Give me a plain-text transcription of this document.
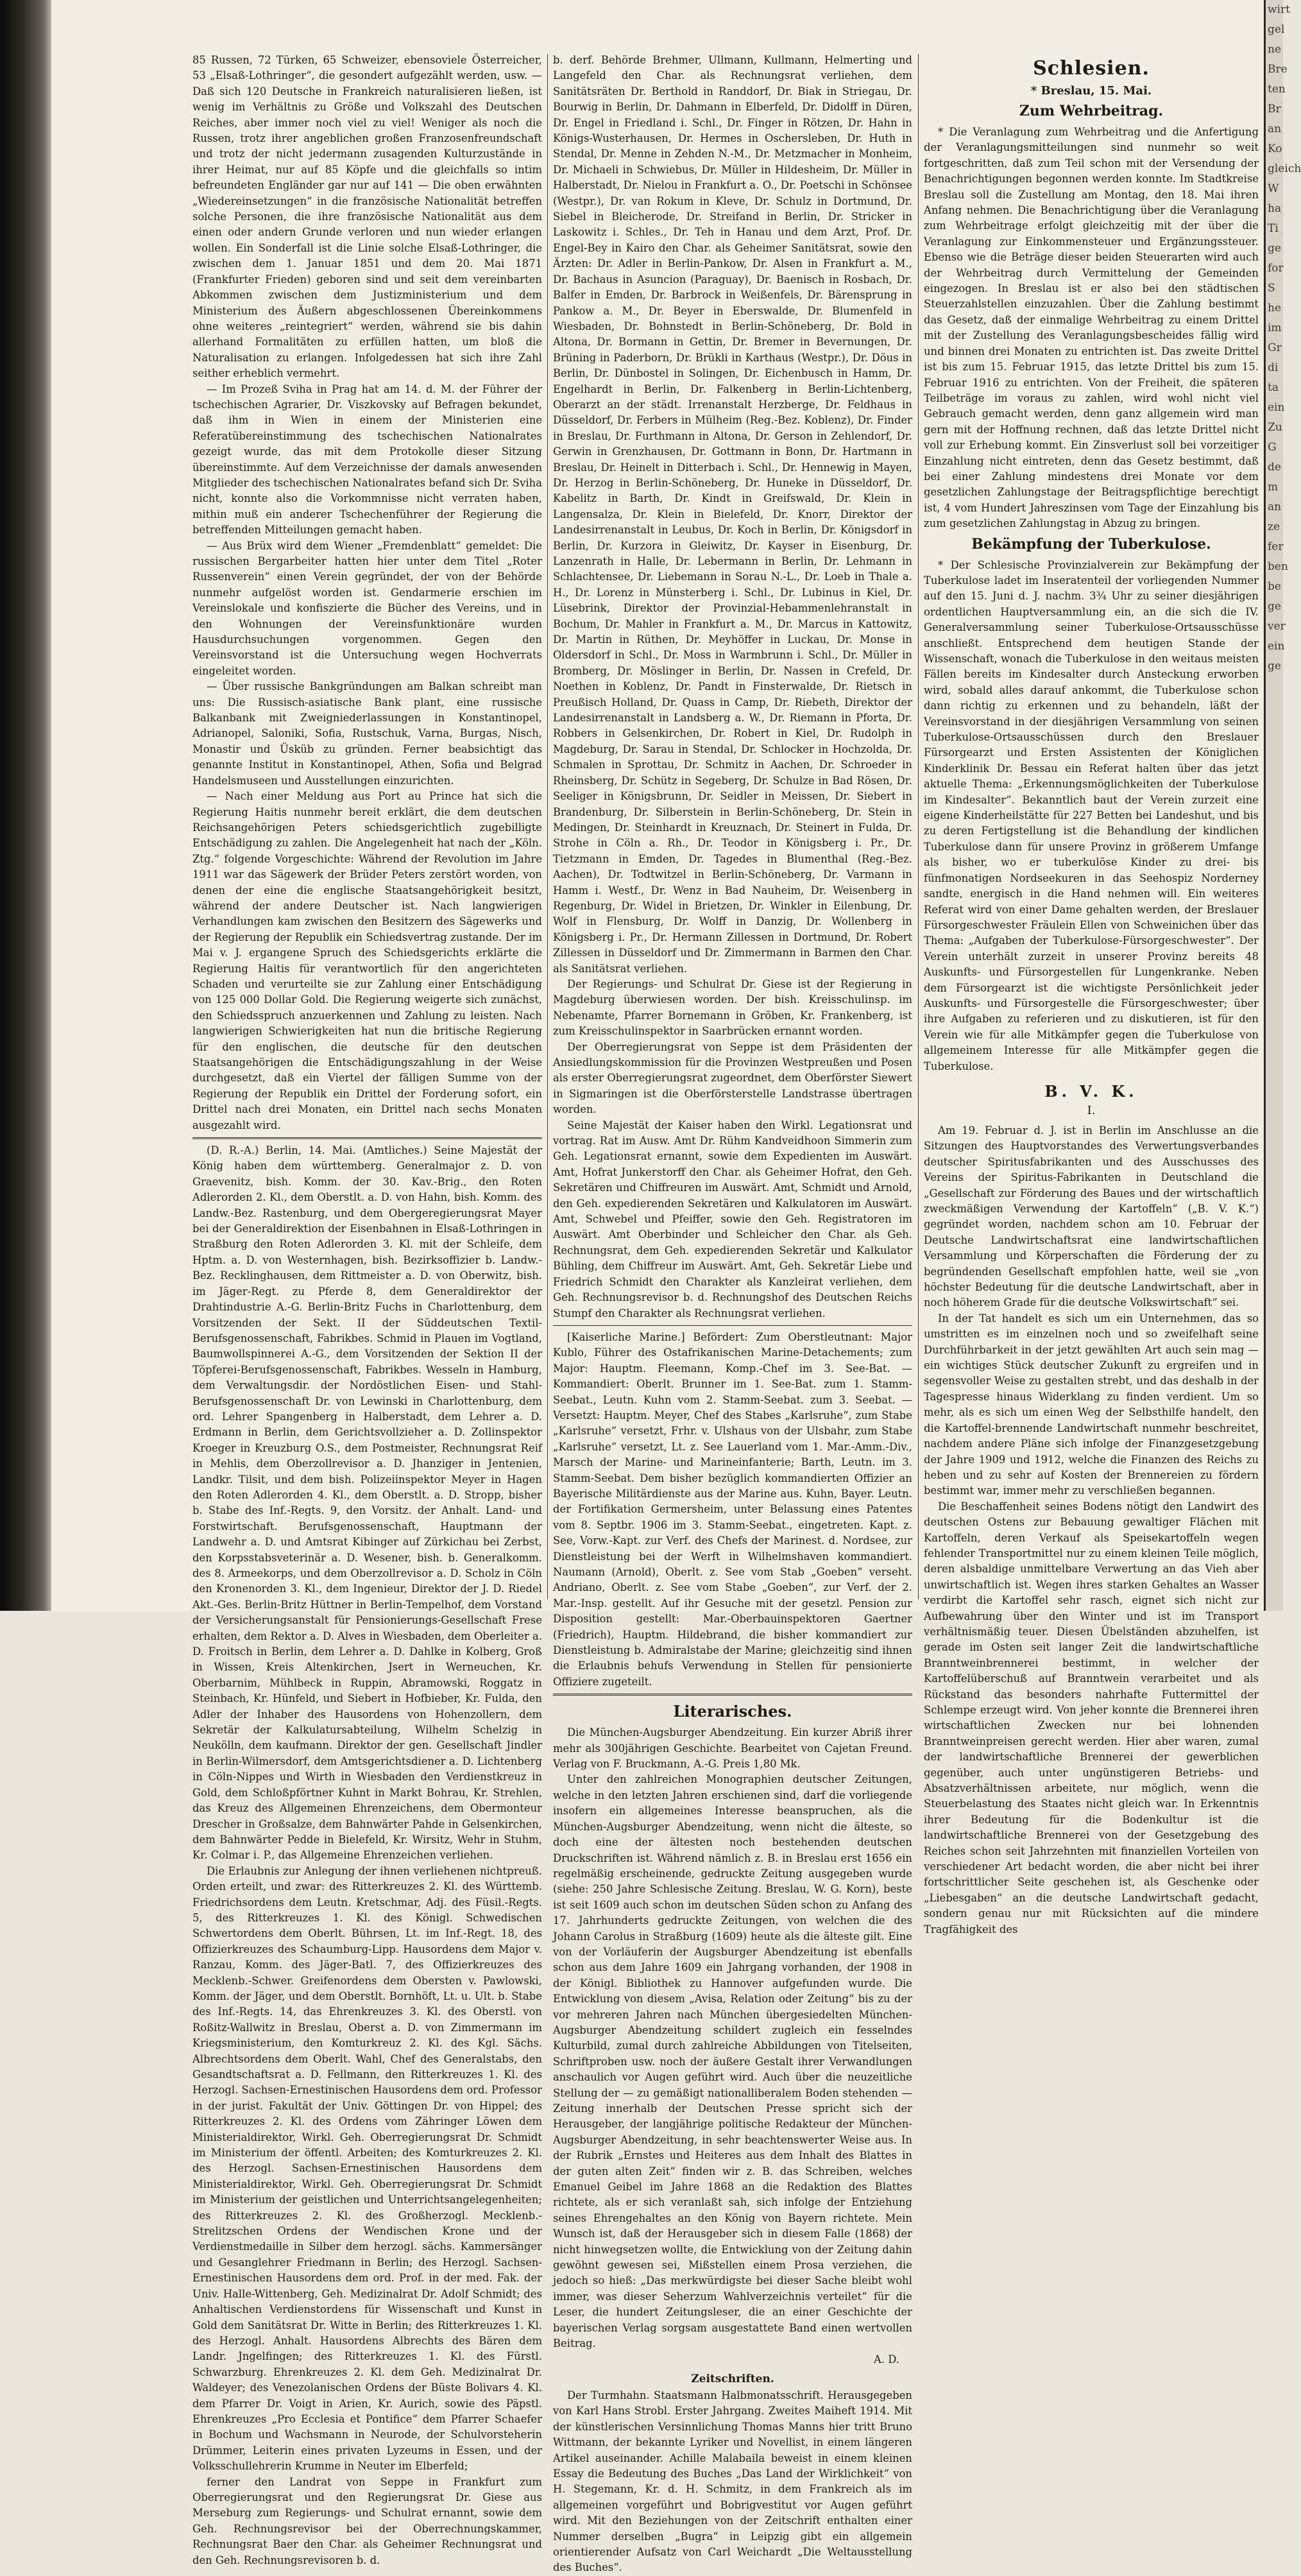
85 Russen, 72 Türken, 65 Schweizer, ebensoviele Österreicher, 53 „Elsaß-Lothringer“, die gesondert aufgezählt werden, usw. — Daß sich 120 Deutsche in Frankreich naturalisieren ließen, ist wenig im Verhältnis zu Größe und Volkszahl des Deutschen Reiches, aber immer noch viel zu viel! Weniger als noch die Russen, trotz ihrer angeblichen großen Franzosenfreundschaft und trotz der nicht jedermann zusagenden Kulturzustände in ihrer Heimat, nur auf 85 Köpfe und die gleichfalls so intim befreundeten Engländer gar nur auf 141 — Die oben erwähnten „Wiedereinsetzungen“ in die französische Nationalität betreffen solche Personen, die ihre französische Nationalität aus dem einen oder andern Grunde verloren und nun wieder erlangen wollen. Ein Sonderfall ist die Linie solche Elsaß-Lothringer, die zwischen dem 1. Januar 1851 und dem 20. Mai 1871 (Frankfurter Frieden) geboren sind und seit dem vereinbarten Abkommen zwischen dem Justizministerium und dem Ministerium des Äußern abgeschlossenen Übereinkommens ohne weiteres „reintegriert“ werden, während sie bis dahin allerhand Formalitäten zu erfüllen hatten, um bloß die Naturalisation zu erlangen. Infolgedessen hat sich ihre Zahl seither erheblich vermehrt.

— Im Prozeß Sviha in Prag hat am 14. d. M. der Führer der tschechischen Agrarier, Dr. Viszkovsky auf Befragen bekundet, daß ihm in Wien in einem der Ministerien eine Referatübereinstimmung des tschechischen Nationalrates gezeigt wurde, das mit dem Protokolle dieser Sitzung übereinstimmte. Auf dem Verzeichnisse der damals anwesenden Mitglieder des tschechischen Nationalrates befand sich Dr. Sviha nicht, konnte also die Vorkommnisse nicht verraten haben, mithin muß ein anderer Tschechenführer der Regierung die betreffenden Mitteilungen gemacht haben.

— Aus Brüx wird dem Wiener „Fremdenblatt“ gemeldet: Die russischen Bergarbeiter hatten hier unter dem Titel „Roter Russenverein“ einen Verein gegründet, der von der Behörde nunmehr aufgelöst worden ist. Gendarmerie erschien im Vereinslokale und konfiszierte die Bücher des Vereins, und in den Wohnungen der Vereinsfunktionäre wurden Hausdurchsuchungen vorgenommen. Gegen den Vereinsvorstand ist die Untersuchung wegen Hochverrats eingeleitet worden.

— Über russische Bankgründungen am Balkan schreibt man uns: Die Russisch-asiatische Bank plant, eine russische Balkanbank mit Zweigniederlassungen in Konstantinopel, Adrianopel, Saloniki, Sofia, Rustschuk, Varna, Burgas, Nisch, Monastir und Üsküb zu gründen. Ferner beabsichtigt das genannte Institut in Konstantinopel, Athen, Sofia und Belgrad Handelsmuseen und Ausstellungen einzurichten.

— Nach einer Meldung aus Port au Prince hat sich die Regierung Haitis nunmehr bereit erklärt, die dem deutschen Reichsangehörigen Peters schiedsgerichtlich zugebilligte Entschädigung zu zahlen. Die Angelegenheit hat nach der „Köln. Ztg.“ folgende Vorgeschichte: Während der Revolution im Jahre 1911 war das Sägewerk der Brüder Peters zerstört worden, von denen der eine die englische Staatsangehörigkeit besitzt, während der andere Deutscher ist. Nach langwierigen Verhandlungen kam zwischen den Besitzern des Sägewerks und der Regierung der Republik ein Schiedsvertrag zustande. Der im Mai v. J. ergangene Spruch des Schiedsgerichts erklärte die Regierung Haitis für verantwortlich für den angerichteten Schaden und verurteilte sie zur Zahlung einer Entschädigung von 125 000 Dollar Gold. Die Regierung weigerte sich zunächst, den Schiedsspruch anzuerkennen und Zahlung zu leisten. Nach langwierigen Schwierigkeiten hat nun die britische Regierung für den englischen, die deutsche für den deutschen Staatsangehörigen die Entschädigungszahlung in der Weise durchgesetzt, daß ein Viertel der fälligen Summe von der Regierung der Republik ein Drittel der Forderung sofort, ein Drittel nach drei Monaten, ein Drittel nach sechs Monaten ausgezahlt wird.

(D. R.-A.) Berlin, 14. Mai. (Amtliches.) Seine Majestät der König haben dem württemberg. Generalmajor z. D. von Graevenitz, bish. Komm. der 30. Kav.-Brig., den Roten Adlerorden 2. Kl., dem Oberstlt. a. D. von Hahn, bish. Komm. des Landw.-Bez. Rastenburg, und dem Obergeregierungsrat Mayer bei der Generaldirektion der Eisenbahnen in Elsaß-Lothringen in Straßburg den Roten Adlerorden 3. Kl. mit der Schleife, dem Hptm. a. D. von Westernhagen, bish. Bezirksoffizier b. Landw.-Bez. Recklinghausen, dem Rittmeister a. D. von Oberwitz, bish. im Jäger-Regt. zu Pferde 8, dem Generaldirektor der Drahtindustrie A.-G. Berlin-Britz Fuchs in Charlottenburg, dem Vorsitzenden der Sekt. II der Süddeutschen Textil-Berufsgenossenschaft, Fabrikbes. Schmid in Plauen im Vogtland, Baumwollspinnerei A.-G., dem Vorsitzenden der Sektion II der Töpferei-Berufsgenossenschaft, Fabrikbes. Wesseln in Hamburg, dem Verwaltungsdir. der Nordöstlichen Eisen- und Stahl-Berufsgenossenschaft Dr. von Lewinski in Charlottenburg, dem ord. Lehrer Spangenberg in Halberstadt, dem Lehrer a. D. Erdmann in Berlin, dem Gerichtsvollzieher a. D. Zollinspektor Kroeger in Kreuzburg O.S., dem Postmeister, Rechnungsrat Reif in Mehlis, dem Oberzollrevisor a. D. Jhanziger in Jentenien, Landkr. Tilsit, und dem bish. Polizeiinspektor Meyer in Hagen den Roten Adlerorden 4. Kl., dem Oberstlt. a. D. Stropp, bisher b. Stabe des Inf.-Regts. 9, den Vorsitz. der Anhalt. Land- und Forstwirtschaft. Berufsgenossenschaft, Hauptmann der Landwehr a. D. und Amtsrat Kibinger auf Zürkichau bei Zerbst, den Korpsstabsveterinär a. D. Wesener, bish. b. Generalkomm. des 8. Armeekorps, und dem Oberzollrevisor a. D. Scholz in Cöln den Kronenorden 3. Kl., dem Ingenieur, Direktor der J. D. Riedel Akt.-Ges. Berlin-Britz Hüttner in Berlin-Tempelhof, dem Vorstand der Versicherungsanstalt für Pensionierungs-Gesellschaft Frese erhalten, dem Rektor a. D. Alves in Wiesbaden, dem Oberleiter a. D. Froitsch in Berlin, dem Lehrer a. D. Dahlke in Kolberg, Groß in Wissen, Kreis Altenkirchen, Jsert in Werneuchen, Kr. Oberbarnim, Mühlbeck in Ruppin, Abramowski, Roggatz in Steinbach, Kr. Hünfeld, und Siebert in Hofbieber, Kr. Fulda, den Adler der Inhaber des Hausordens von Hohenzollern, dem Sekretär der Kalkulatursabteilung, Wilhelm Schelzig in Neukölln, dem kaufmann. Direktor der gen. Gesellschaft Jindler in Berlin-Wilmersdorf, dem Amtsgerichtsdiener a. D. Lichtenberg in Cöln-Nippes und Wirth in Wiesbaden den Verdienstkreuz in Gold, dem Schloßpförtner Kuhnt in Markt Bohrau, Kr. Strehlen, das Kreuz des Allgemeinen Ehrenzeichens, dem Obermonteur Drescher in Großsalze, dem Bahnwärter Pahde in Gelsenkirchen, dem Bahnwärter Pedde in Bielefeld, Kr. Wirsitz, Wehr in Stuhm, Kr. Colmar i. P., das Allgemeine Ehrenzeichen verliehen.

Die Erlaubnis zur Anlegung der ihnen verliehenen nichtpreuß. Orden erteilt, und zwar: des Ritterkreuzes 2. Kl. des Württemb. Friedrichsordens dem Leutn. Kretschmar, Adj. des Füsil.-Regts. 5, des Ritterkreuzes 1. Kl. des Königl. Schwedischen Schwertordens dem Oberlt. Bührsen, Lt. im Inf.-Regt. 18, des Offizierkreuzes des Schaumburg-Lipp. Hausordens dem Major v. Ranzau, Komm. des Jäger-Batl. 7, des Offizierkreuzes des Mecklenb.-Schwer. Greifenordens dem Obersten v. Pawlowski, Komm. der Jäger, und dem Oberstlt. Bornhöft, Lt. u. Ult. b. Stabe des Inf.-Regts. 14, das Ehrenkreuzes 3. Kl. des Oberstl. von Roßitz-Wallwitz in Breslau, Oberst a. D. von Zimmermann im Kriegsministerium, den Komturkreuz 2. Kl. des Kgl. Sächs. Albrechtsordens dem Oberlt. Wahl, Chef des Generalstabs, den Gesandtschaftsrat a. D. Fellmann, den Ritterkreuzes 1. Kl. des Herzogl. Sachsen-Ernestinischen Hausordens dem ord. Professor in der jurist. Fakultät der Univ. Göttingen Dr. von Hippel; des Ritterkreuzes 2. Kl. des Ordens vom Zähringer Löwen dem Ministerialdirektor, Wirkl. Geh. Oberregierungsrat Dr. Schmidt im Ministerium der öffentl. Arbeiten; des Komturkreuzes 2. Kl. des Herzogl. Sachsen-Ernestinischen Hausordens dem Ministerialdirektor, Wirkl. Geh. Oberregierungsrat Dr. Schmidt im Ministerium der geistlichen und Unterrichtsangelegenheiten; des Ritterkreuzes 2. Kl. des Großherzogl. Mecklenb.-Strelitzschen Ordens der Wendischen Krone und der Verdienstmedaille in Silber dem herzogl. sächs. Kammersänger und Gesanglehrer Friedmann in Berlin; des Herzogl. Sachsen-Ernestinischen Hausordens dem ord. Prof. in der med. Fak. der Univ. Halle-Wittenberg, Geh. Medizinalrat Dr. Adolf Schmidt; des Anhaltischen Verdienstordens für Wissenschaft und Kunst in Gold dem Sanitätsrat Dr. Witte in Berlin; des Ritterkreuzes 1. Kl. des Herzogl. Anhalt. Hausordens Albrechts des Bären dem Landr. Jngelfingen; des Ritterkreuzes 1. Kl. des Fürstl. Schwarzburg. Ehrenkreuzes 2. Kl. dem Geh. Medizinalrat Dr. Waldeyer; des Venezolanischen Ordens der Büste Bolivars 4. Kl. dem Pfarrer Dr. Voigt in Arien, Kr. Aurich, sowie des Päpstl. Ehrenkreuzes „Pro Ecclesia et Pontifice“ dem Pfarrer Schaefer in Bochum und Wachsmann in Neurode, der Schulvorsteherin Drümmer, Leiterin eines privaten Lyzeums in Essen, und der Volksschullehrerin Krumme in Neuter im Elberfeld;

ferner den Landrat von Seppe in Frankfurt zum Oberregierungsrat und den Regierungsrat Dr. Giese aus Merseburg zum Regierungs- und Schulrat ernannt, sowie dem Geh. Rechnungsrevisor bei der Oberrechnungskammer, Rechnungsrat Baer den Char. als Geheimer Rechnungsrat und den Geh. Rechnungsrevisoren b. d.

b. derf. Behörde Brehmer, Ullmann, Kullmann, Helmerting und Langefeld den Char. als Rechnungsrat verliehen, dem Sanitätsräten Dr. Berthold in Randdorf, Dr. Biak in Striegau, Dr. Bourwig in Berlin, Dr. Dahmann in Elberfeld, Dr. Didolff in Düren, Dr. Engel in Friedland i. Schl., Dr. Finger in Rötzen, Dr. Hahn in Königs-Wusterhausen, Dr. Hermes in Oschersleben, Dr. Huth in Stendal, Dr. Menne in Zehden N.-M., Dr. Metzmacher in Monheim, Dr. Michaeli in Schwiebus, Dr. Müller in Hildesheim, Dr. Müller in Halberstadt, Dr. Nielou in Frankfurt a. O., Dr. Poetschi in Schönsee (Westpr.), Dr. van Rokum in Kleve, Dr. Schulz in Dortmund, Dr. Siebel in Bleicherode, Dr. Streifand in Berlin, Dr. Stricker in Laskowitz i. Schles., Dr. Teh in Hanau und dem Arzt, Prof. Dr. Engel-Bey in Kairo den Char. als Geheimer Sanitätsrat, sowie den Ärzten: Dr. Adler in Berlin-Pankow, Dr. Alsen in Frankfurt a. M., Dr. Bachaus in Asuncion (Paraguay), Dr. Baenisch in Rosbach, Dr. Balfer in Emden, Dr. Barbrock in Weißenfels, Dr. Bärensprung in Pankow a. M., Dr. Beyer in Eberswalde, Dr. Blumenfeld in Wiesbaden, Dr. Bohnstedt in Berlin-Schöneberg, Dr. Bold in Altona, Dr. Bormann in Gettin, Dr. Bremer in Bevernungen, Dr. Brüning in Paderborn, Dr. Brükli in Karthaus (Westpr.), Dr. Döus in Berlin, Dr. Dünbostel in Solingen, Dr. Eichenbusch in Hamm, Dr. Engelhardt in Berlin, Dr. Falkenberg in Berlin-Lichtenberg, Oberarzt an der städt. Irrenanstalt Herzberge, Dr. Feldhaus in Düsseldorf, Dr. Ferbers in Mülheim (Reg.-Bez. Koblenz), Dr. Finder in Breslau, Dr. Furthmann in Altona, Dr. Gerson in Zehlendorf, Dr. Gerwin in Grenzhausen, Dr. Gottmann in Bonn, Dr. Hartmann in Breslau, Dr. Heinelt in Ditterbach i. Schl., Dr. Hennewig in Mayen, Dr. Herzog in Berlin-Schöneberg, Dr. Huneke in Düsseldorf, Dr. Kabelitz in Barth, Dr. Kindt in Greifswald, Dr. Klein in Langensalza, Dr. Klein in Bielefeld, Dr. Knorr, Direktor der Landesirrenanstalt in Leubus, Dr. Koch in Berlin, Dr. Königsdorf in Berlin, Dr. Kurzora in Gleiwitz, Dr. Kayser in Eisenburg, Dr. Lanzenrath in Halle, Dr. Lebermann in Berlin, Dr. Lehmann in Schlachtensee, Dr. Liebemann in Sorau N.-L., Dr. Loeb in Thale a. H., Dr. Lorenz in Münsterberg i. Schl., Dr. Lubinus in Kiel, Dr. Lüsebrink, Direktor der Provinzial-Hebammenlehranstalt in Bochum, Dr. Mahler in Frankfurt a. M., Dr. Marcus in Kattowitz, Dr. Martin in Rüthen, Dr. Meyhöffer in Luckau, Dr. Monse in Oldersdorf in Schl., Dr. Moss in Warmbrunn i. Schl., Dr. Müller in Bromberg, Dr. Möslinger in Berlin, Dr. Nassen in Crefeld, Dr. Noethen in Koblenz, Dr. Pandt in Finsterwalde, Dr. Rietsch in Preußisch Holland, Dr. Quass in Camp, Dr. Riebeth, Direktor der Landesirrenanstalt in Landsberg a. W., Dr. Riemann in Pforta, Dr. Robbers in Gelsenkirchen, Dr. Robert in Kiel, Dr. Rudolph in Magdeburg, Dr. Sarau in Stendal, Dr. Schlocker in Hochzolda, Dr. Schmalen in Sprottau, Dr. Schmitz in Aachen, Dr. Schroeder in Rheinsberg, Dr. Schütz in Segeberg, Dr. Schulze in Bad Rösen, Dr. Seeliger in Königsbrunn, Dr. Seidler in Meissen, Dr. Siebert in Brandenburg, Dr. Silberstein in Berlin-Schöneberg, Dr. Stein in Medingen, Dr. Steinhardt in Kreuznach, Dr. Steinert in Fulda, Dr. Strohe in Cöln a. Rh., Dr. Teodor in Königsberg i. Pr., Dr. Tietzmann in Emden, Dr. Tagedes in Blumenthal (Reg.-Bez. Aachen), Dr. Todtwitzel in Berlin-Schöneberg, Dr. Varmann in Hamm i. Westf., Dr. Wenz in Bad Nauheim, Dr. Weisenberg in Regenburg, Dr. Widel in Brietzen, Dr. Winkler in Eilenbung, Dr. Wolf in Flensburg, Dr. Wolff in Danzig, Dr. Wollenberg in Königsberg i. Pr., Dr. Hermann Zillessen in Dortmund, Dr. Robert Zillessen in Düsseldorf und Dr. Zimmermann in Barmen den Char. als Sanitätsrat verliehen.

Der Regierungs- und Schulrat Dr. Giese ist der Regierung in Magdeburg überwiesen worden. Der bish. Kreisschulinsp. im Nebenamte, Pfarrer Bornemann in Gröben, Kr. Frankenberg, ist zum Kreisschulinspektor in Saarbrücken ernannt worden.

Der Oberregierungsrat von Seppe ist dem Präsidenten der Ansiedlungskommission für die Provinzen Westpreußen und Posen als erster Oberregierungsrat zugeordnet, dem Oberförster Siewert in Sigmaringen ist die Oberförsterstelle Landstrasse übertragen worden.

Seine Majestät der Kaiser haben den Wirkl. Legationsrat und vortrag. Rat im Ausw. Amt Dr. Rühm Kandveidhoon Simmerin zum Geh. Legationsrat ernannt, sowie dem Expedienten im Auswärt. Amt, Hofrat Junkerstorff den Char. als Geheimer Hofrat, den Geh. Sekretären und Chiffreuren im Auswärt. Amt, Schmidt und Arnold, den Geh. expedierenden Sekretären und Kalkulatoren im Auswärt. Amt, Schwebel und Pfeiffer, sowie den Geh. Registratoren im Auswärt. Amt Oberbinder und Schleicher den Char. als Geh. Rechnungsrat, dem Geh. expedierenden Sekretär und Kalkulator Bühling, dem Chiffreur im Auswärt. Amt, Geh. Sekretär Liebe und Friedrich Schmidt den Charakter als Kanzleirat verliehen, dem Geh. Rechnungsrevisor b. d. Rechnungshof des Deutschen Reichs Stumpf den Charakter als Rechnungsrat verliehen.

[Kaiserliche Marine.] Befördert: Zum Oberstleutnant: Major Kublo, Führer des Ostafrikanischen Marine-Detachements; zum Major: Hauptm. Fleemann, Komp.-Chef im 3. See-Bat. — Kommandiert: Oberlt. Brunner im 1. See-Bat. zum 1. Stamm-Seebat., Leutn. Kuhn vom 2. Stamm-Seebat. zum 3. Seebat. — Versetzt: Hauptm. Meyer, Chef des Stabes „Karlsruhe“, zum Stabe „Karlsruhe“ versetzt, Frhr. v. Ulshaus von der Ulsbahr, zum Stabe „Karlsruhe“ versetzt, Lt. z. See Lauerland vom 1. Mar.-Amm.-Div., Marsch der Marine- und Marineinfanterie; Barth, Leutn. im 3. Stamm-Seebat. Dem bisher bezüglich kommandierten Offizier an Bayerische Militärdienste aus der Marine aus. Kuhn, Bayer. Leutn. der Fortifikation Germersheim, unter Belassung eines Patentes vom 8. Septbr. 1906 im 3. Stamm-Seebat., eingetreten. Kapt. z. See, Vorw.-Kapt. zur Verf. des Chefs der Marinest. d. Nordsee, zur Dienstleistung bei der Werft in Wilhelmshaven kommandiert. Naumann (Arnold), Oberlt. z. See vom Stab „Goeben“ verseht. Andriano, Oberlt. z. See vom Stabe „Goeben“, zur Verf. der 2. Mar.-Insp. gestellt. Auf ihr Gesuche mit der gesetzl. Pension zur Disposition gestellt: Mar.-Oberbauinspektoren Gaertner (Friedrich), Hauptm. Hildebrand, die bisher kommandiert zur Dienstleistung b. Admiralstabe der Marine; gleichzeitig sind ihnen die Erlaubnis behufs Verwendung in Stellen für pensionierte Offiziere zugeteilt.

Literarisches.

Die München-Augsburger Abendzeitung. Ein kurzer Abriß ihrer mehr als 300jährigen Geschichte. Bearbeitet von Cajetan Freund. Verlag von F. Bruckmann, A.-G. Preis 1,80 Mk.

Unter den zahlreichen Monographien deutscher Zeitungen, welche in den letzten Jahren erschienen sind, darf die vorliegende insofern ein allgemeines Interesse beanspruchen, als die München-Augsburger Abendzeitung, wenn nicht die älteste, so doch eine der ältesten noch bestehenden deutschen Druckschriften ist. Während nämlich z. B. in Breslau erst 1656 ein regelmäßig erscheinende, gedruckte Zeitung ausgegeben wurde (siehe: 250 Jahre Schlesische Zeitung. Breslau, W. G. Korn), beste ist seit 1609 auch schon im deutschen Süden schon zu Anfang des 17. Jahrhunderts gedruckte Zeitungen, von welchen die des Johann Carolus in Straßburg (1609) heute als die älteste gilt. Eine von der Vorläuferin der Augsburger Abendzeitung ist ebenfalls schon aus dem Jahre 1609 ein Jahrgang vorhanden, der 1908 in der Königl. Bibliothek zu Hannover aufgefunden wurde. Die Entwicklung von diesem „Avisa, Relation oder Zeitung“ bis zu der vor mehreren Jahren nach München übergesiedelten München-Augsburger Abendzeitung schildert zugleich ein fesselndes Kulturbild, zumal durch zahlreiche Abbildungen von Titelseiten, Schriftproben usw. noch der äußere Gestalt ihrer Verwandlungen anschaulich vor Augen geführt wird. Auch über die neuzeitliche Stellung der — zu gemäßigt nationalliberalem Boden stehenden — Zeitung innerhalb der Deutschen Presse spricht sich der Herausgeber, der langjährige politische Redakteur der München-Augsburger Abendzeitung, in sehr beachtenswerter Weise aus. In der Rubrik „Ernstes und Heiteres aus dem Inhalt des Blattes in der guten alten Zeit“ finden wir z. B. das Schreiben, welches Emanuel Geibel im Jahre 1868 an die Redaktion des Blattes richtete, als er sich veranlaßt sah, sich infolge der Entziehung seines Ehrengehaltes an den König von Bayern richtete. Mein Wunsch ist, daß der Herausgeber sich in diesem Falle (1868) der nicht hinwegsetzen wollte, die Entwicklung von der Zeitung dahin gewöhnt gewesen sei, Mißstellen einem Prosa verziehen, die jedoch so hieß: „Das merkwürdigste bei dieser Sache bleibt wohl immer, was dieser Seherzum Wahlverzeichnis verteilet“ für die Leser, die hundert Zeitungsleser, die an einer Geschichte der bayerischen Verlag sorgsam ausgestattete Band einen wertvollen Beitrag.

A. D.
Zeitschriften.

Der Turmhahn. Staatsmann Halbmonatsschrift. Herausgegeben von Karl Hans Strobl. Erster Jahrgang. Zweites Maiheft 1914. Mit der künstlerischen Versinnlichung Thomas Manns hier tritt Bruno Wittmann, der bekannte Lyriker und Novellist, in einem längeren Artikel auseinander. Achille Malabaila beweist in einem kleinen Essay die Bedeutung des Buches „Das Land der Wirklichkeit“ von H. Stegemann, Kr. d. H. Schmitz, in dem Frankreich als im allgemeinen vorgeführt und Bobrigvestitut vor Augen geführt wird. Mit den Beziehungen von der Zeitschrift enthalten einer Nummer derselben „Bugra“ in Leipzig gibt ein allgemein orientierender Aufsatz von Carl Weichardt „Die Weltausstellung des Buches“.

Schlesien.
* Breslau, 15. Mai.
Zum Wehrbeitrag.

* Die Veranlagung zum Wehrbeitrag und die Anfertigung der Veranlagungsmitteilungen sind nunmehr so weit fortgeschritten, daß zum Teil schon mit der Versendung der Benachrichtigungen begonnen werden konnte. Im Stadtkreise Breslau soll die Zustellung am Montag, den 18. Mai ihren Anfang nehmen. Die Benachrichtigung über die Veranlagung zum Wehrbeitrage erfolgt gleichzeitig mit der über die Veranlagung zur Einkommensteuer und Ergänzungssteuer. Ebenso wie die Beträge dieser beiden Steuerarten wird auch der Wehrbeitrag durch Vermittelung der Gemeinden eingezogen. In Breslau ist er also bei den städtischen Steuerzahlstellen einzuzahlen. Über die Zahlung bestimmt das Gesetz, daß der einmalige Wehrbeitrag zu einem Drittel mit der Zustellung des Veranlagungsbescheides fällig wird und binnen drei Monaten zu entrichten ist. Das zweite Drittel ist bis zum 15. Februar 1915, das letzte Drittel bis zum 15. Februar 1916 zu entrichten. Von der Freiheit, die späteren Teilbeträge im voraus zu zahlen, wird wohl nicht viel Gebrauch gemacht werden, denn ganz allgemein wird man gern mit der Hoffnung rechnen, daß das letzte Drittel nicht voll zur Erhebung kommt. Ein Zinsverlust soll bei vorzeitiger Einzahlung nicht eintreten, denn das Gesetz bestimmt, daß bei einer Zahlung mindestens drei Monate vor dem gesetzlichen Zahlungstage der Beitragspflichtige berechtigt ist, 4 vom Hundert Jahreszinsen vom Tage der Einzahlung bis zum gesetzlichen Zahlungstag in Abzug zu bringen.

Bekämpfung der Tuberkulose.

* Der Schlesische Provinzialverein zur Bekämpfung der Tuberkulose ladet im Inseratenteil der vorliegenden Nummer auf den 15. Juni d. J. nachm. 3¾ Uhr zu seiner diesjährigen ordentlichen Hauptversammlung ein, an die sich die IV. Generalversammlung seiner Tuberkulose-Ortsausschüsse anschließt. Entsprechend dem heutigen Stande der Wissenschaft, wonach die Tuberkulose in den weitaus meisten Fällen bereits im Kindesalter durch Ansteckung erworben wird, sobald alles darauf ankommt, die Tuberkulose schon dann richtig zu erkennen und zu behandeln, läßt der Vereinsvorstand in der diesjährigen Versammlung von seinen Tuberkulose-Ortsausschüssen durch den Breslauer Fürsorgearzt und Ersten Assistenten der Königlichen Kinderklinik Dr. Bessau ein Referat halten über das jetzt aktuelle Thema: „Erkennungsmöglichkeiten der Tuberkulose im Kindesalter“. Bekanntlich baut der Verein zurzeit eine eigene Kinderheilstätte für 227 Betten bei Landeshut, und bis zu deren Fertigstellung ist die Behandlung der kindlichen Tuberkulose dann für unsere Provinz in größerem Umfange als bisher, wo er tuberkulöse Kinder zu drei- bis fünfmonatigen Nordseekuren in das Seehospiz Norderney sandte, energisch in die Hand nehmen will. Ein weiteres Referat wird von einer Dame gehalten werden, der Breslauer Fürsorgeschwester Fräulein Ellen von Schweinichen über das Thema: „Aufgaben der Tuberkulose-Fürsorgeschwester“. Der Verein unterhält zurzeit in unserer Provinz bereits 48 Auskunfts- und Fürsorgestellen für Lungenkranke. Neben dem Fürsorgearzt ist die wichtigste Persönlichkeit jeder Auskunfts- und Fürsorgestelle die Fürsorgeschwester; über ihre Aufgaben zu referieren und zu diskutieren, ist für den Verein wie für alle Mitkämpfer gegen die Tuberkulose von allgemeinem Interesse für alle Mitkämpfer gegen die Tuberkulose.

B. V. K.
I.

Am 19. Februar d. J. ist in Berlin im Anschlusse an die Sitzungen des Hauptvorstandes des Verwertungsverbandes deutscher Spiritusfabrikanten und des Ausschusses des Vereins der Spiritus-Fabrikanten in Deutschland die „Gesellschaft zur Förderung des Baues und der wirtschaftlich zweckmäßigen Verwendung der Kartoffeln“ („B. V. K.“) gegründet worden, nachdem schon am 10. Februar der Deutsche Landwirtschaftsrat eine landwirtschaftlichen Versammlung und Körperschaften die Förderung der zu begründenden Gesellschaft empfohlen hatte, weil sie „von höchster Bedeutung für die deutsche Landwirtschaft, aber in noch höherem Grade für die deutsche Volkswirtschaft“ sei.

In der Tat handelt es sich um ein Unternehmen, das so umstritten es im einzelnen noch und so zweifelhaft seine Durchführbarkeit in der jetzt gewählten Art auch sein mag — ein wichtiges Stück deutscher Zukunft zu ergreifen und in segensvoller Weise zu gestalten strebt, und das deshalb in der Tagespresse hinaus Widerklang zu finden verdient. Um so mehr, als es sich um einen Weg der Selbsthilfe handelt, den die Kartoffel-brennende Landwirtschaft nunmehr beschreitet, nachdem andere Pläne sich infolge der Finanzgesetzgebung der Jahre 1909 und 1912, welche die Finanzen des Reichs zu heben und zu sehr auf Kosten der Brennereien zu fördern bestimmt war, immer mehr zu verschließen begannen.

Die Beschaffenheit seines Bodens nötigt den Landwirt des deutschen Ostens zur Bebauung gewaltiger Flächen mit Kartoffeln, deren Verkauf als Speisekartoffeln wegen fehlender Transportmittel nur zu einem kleinen Teile möglich, deren alsbaldige unmittelbare Verwertung an das Vieh aber unwirtschaftlich ist. Wegen ihres starken Gehaltes an Wasser verdirbt die Kartoffel sehr rasch, eignet sich nicht zur Aufbewahrung über den Winter und ist im Transport verhältnismäßig teuer. Diesen Übelständen abzuhelfen, ist gerade im Osten seit langer Zeit die landwirtschaftliche Branntweinbrennerei bestimmt, in welcher der Kartoffelüberschuß auf Branntwein verarbeitet und als Rückstand das besonders nahrhafte Futtermittel der Schlempe erzeugt wird. Von jeher konnte die Brennerei ihren wirtschaftlichen Zwecken nur bei lohnenden Branntweinpreisen gerecht werden. Hier aber waren, zumal der landwirtschaftliche Brennerei der gewerblichen gegenüber, auch unter ungünstigeren Betriebs- und Absatzverhältnissen arbeitete, nur möglich, wenn die Steuerbelastung des Staates nicht gleich war. In Erkenntnis ihrer Bedeutung für die Bodenkultur ist die landwirtschaftliche Brennerei von der Gesetzgebung des Reiches schon seit Jahrzehnten mit finanziellen Vorteilen von verschiedener Art bedacht worden, die aber nicht bei ihrer fortschrittlicher Seite geschehen ist, als Geschenke oder „Liebesgaben“ an die deutsche Landwirtschaft gedacht, sondern genau nur mit Rücksichten auf die mindere Tragfähigkeit des

wirt
gel
ne
Bre
ten
Br
an
Ko
gleich
W
ha
Ti
ge
for
S
he
im
Gr
di
ta
ein
Zu
G
de
m
an
ze
fer
ben
be
ge
ver
ein
ge
